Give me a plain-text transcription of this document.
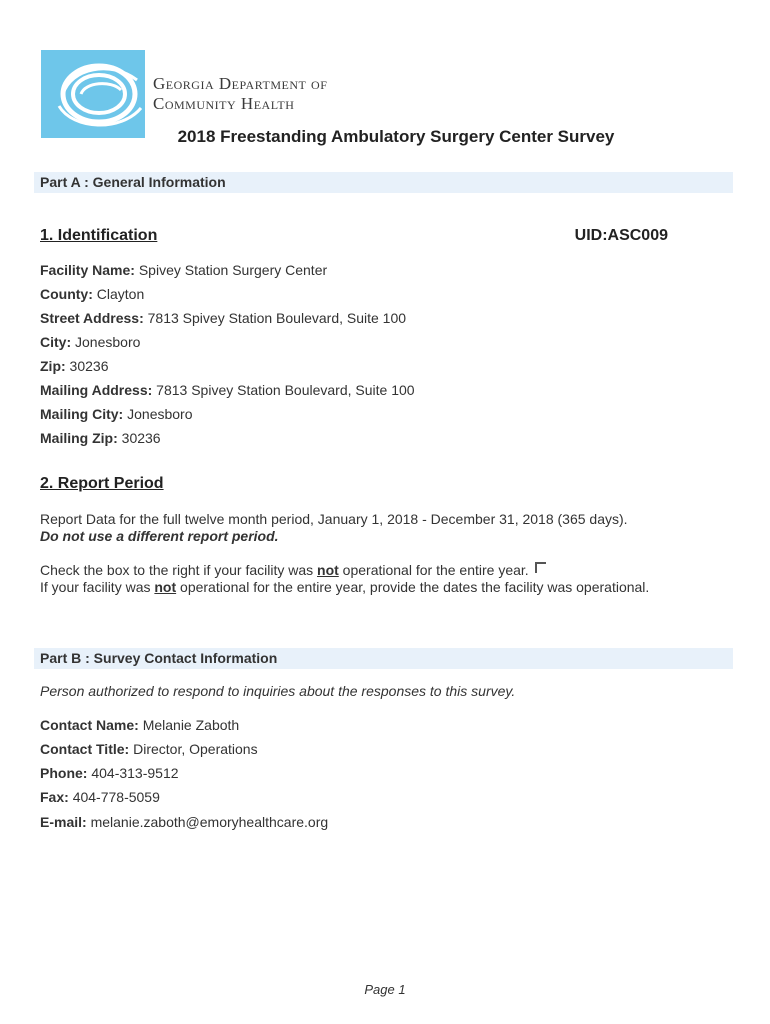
Georgia Department of
Community Health
2018 Freestanding Ambulatory Surgery Center Survey
Part A : General Information
1. Identification	UID:ASC009
Facility Name: Spivey Station Surgery Center
County: Clayton
Street Address: 7813 Spivey Station Boulevard, Suite 100
City: Jonesboro
Zip: 30236
Mailing Address: 7813 Spivey Station Boulevard, Suite 100
Mailing City: Jonesboro
Mailing Zip: 30236
2. Report Period
Report Data for the full twelve month period, January 1, 2018 - December 31, 2018 (365 days).
Do not use a different report period.
Check the box to the right if your facility was not operational for the entire year.
If your facility was not operational for the entire year, provide the dates the facility was operational.
Part B : Survey Contact Information
Person authorized to respond to inquiries about the responses to this survey.
Contact Name: Melanie Zaboth
Contact Title: Director, Operations
Phone: 404-313-9512
Fax: 404-778-5059
E-mail: melanie.zaboth@emoryhealthcare.org
Page 1
